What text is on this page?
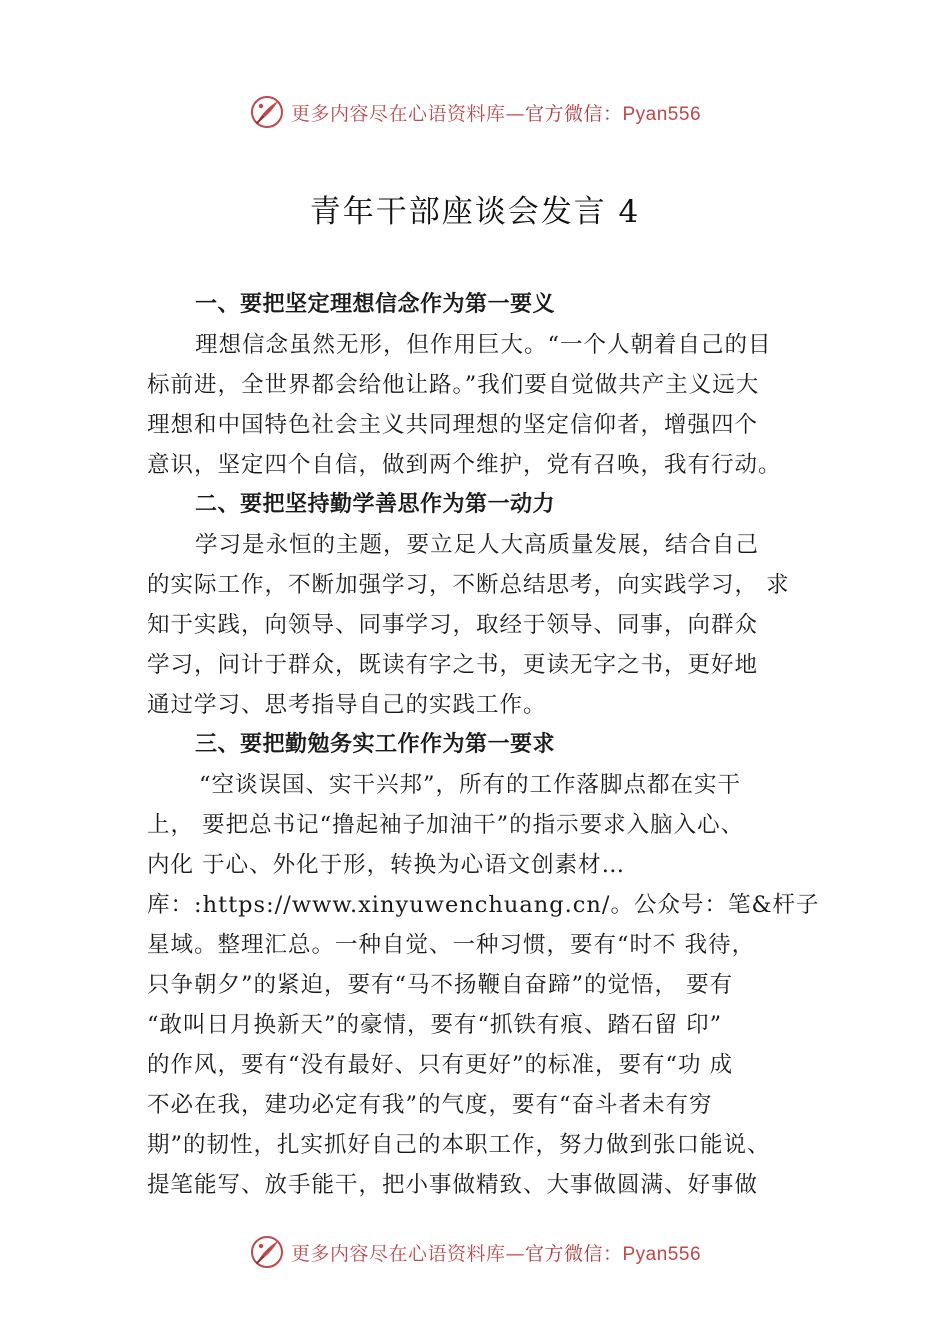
更多内容尽在心语资料库—官方微信：Pyan556
青年干部座谈会发言 4
一、要把坚定理想信念作为第一要义
理想信念虽然无形，但作用巨大。“一个人朝着自己的目
标前进，全世界都会给他让路。”我们要自觉做共产主义远大
理想和中国特色社会主义共同理想的坚定信仰者，增强四个
意识，坚定四个自信，做到两个维护，党有召唤，我有行动。
二、要把坚持勤学善思作为第一动力
学习是永恒的主题，要立足人大高质量发展，结合自己
的实际工作，不断加强学习，不断总结思考，向实践学习， 求
知于实践，向领导、同事学习，取经于领导、同事，向群众
学习，问计于群众，既读有字之书，更读无字之书，更好地
通过学习、思考指导自己的实践工作。
三、要把勤勉务实工作作为第一要求
“空谈误国、实干兴邦”，所有的工作落脚点都在实干
上， 要把总书记“撸起袖子加油干”的指示要求入脑入心、
内化 于心、外化于形，转换为心语文创素材…
库：:https://www.xinyuwenchuang.cn/。公众号：笔&杆子
星域。整理汇总。一种自觉、一种习惯，要有“时不 我待，
只争朝夕”的紧迫，要有“马不扬鞭自奋蹄”的觉悟， 要有
“敢叫日月换新天”的豪情，要有“抓铁有痕、踏石留 印”
的作风，要有“没有最好、只有更好”的标准，要有“功 成
不必在我，建功必定有我”的气度，要有“奋斗者未有穷
期”的韧性，扎实抓好自己的本职工作，努力做到张口能说、
提笔能写、放手能干，把小事做精致、大事做圆满、好事做
更多内容尽在心语资料库—官方微信：Pyan556
